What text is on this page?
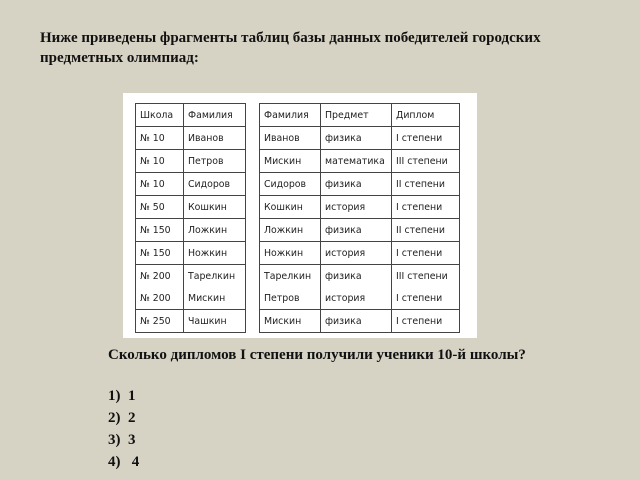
Ниже приведены фрагменты таблиц базы данных победителей городских предметных олимпиад:
Школа	Фамилия
№ 10	Иванов
№ 10	Петров
№ 10	Сидоров
№ 50	Кошкин
№ 150	Ложкин
№ 150	Ножкин
№ 200	Тарелкин
№ 200	Мискин
№ 250	Чашкин
Фамилия	Предмет	Диплом
Иванов	физика	I степени
Мискин	математика	III степени
Сидоров	физика	II степени
Кошкин	история	I степени
Ложкин	физика	II степени
Ножкин	история	I степени
Тарелкин	физика	III степени
Петров	история	I степени
Мискин	физика	I степени
Сколько дипломов I степени получили ученики 10-й школы?
1)  1
2)  2
3)  3
4)   4
